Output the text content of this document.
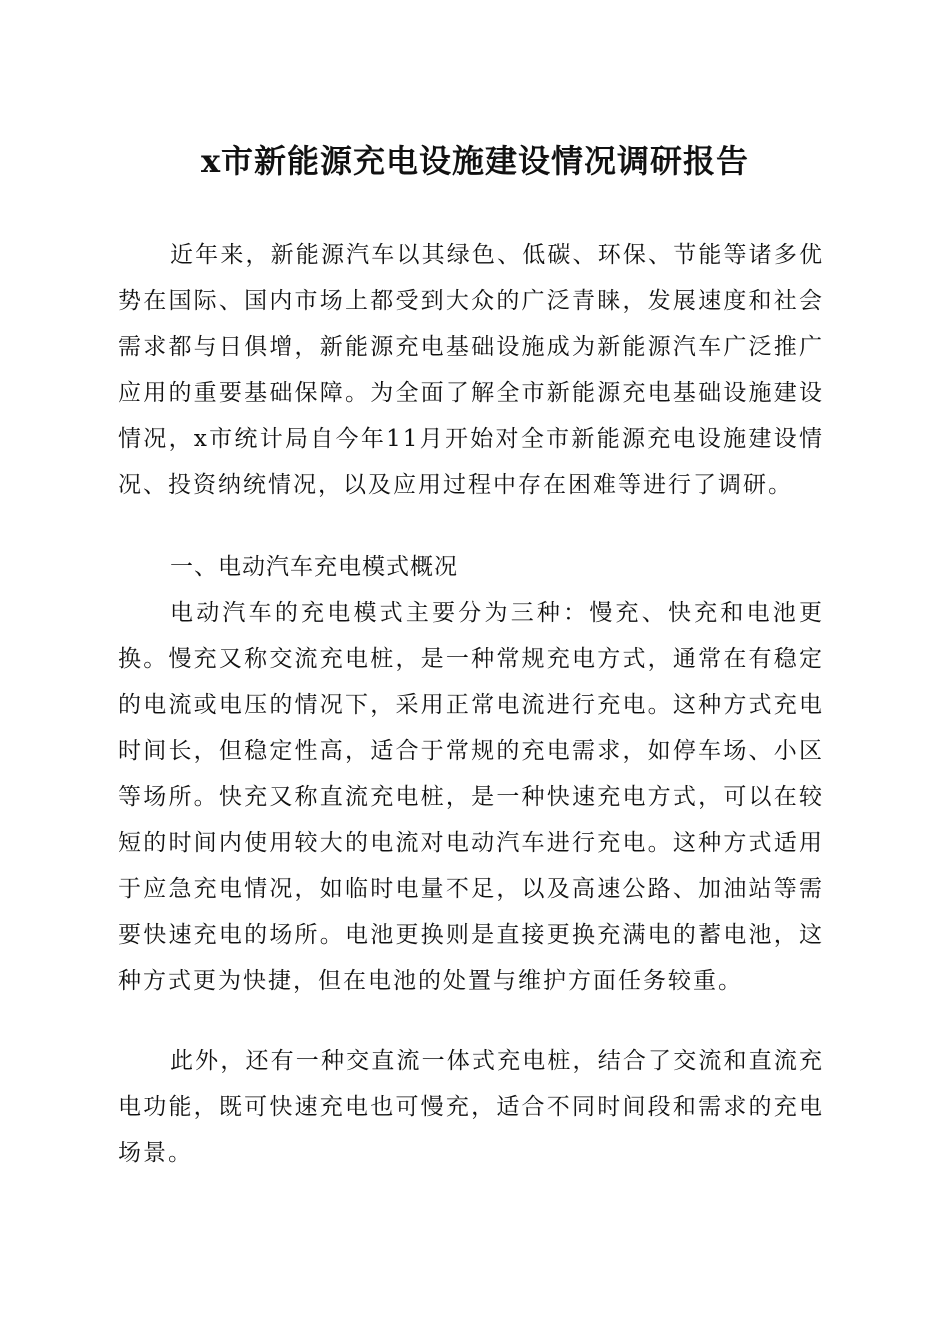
x市新能源充电设施建设情况调研报告

近年来，新能源汽车以其绿色、低碳、环保、节能等诸多优势在国际、国内市场上都受到大众的广泛青睐，发展速度和社会需求都与日俱增，新能源充电基础设施成为新能源汽车广泛推广应用的重要基础保障。为全面了解全市新能源充电基础设施建设情况，x市统计局自今年11月开始对全市新能源充电设施建设情况、投资纳统情况，以及应用过程中存在困难等进行了调研。

一、电动汽车充电模式概况

电动汽车的充电模式主要分为三种：慢充、快充和电池更换。慢充又称交流充电桩，是一种常规充电方式，通常在有稳定的电流或电压的情况下，采用正常电流进行充电。这种方式充电时间长，但稳定性高，适合于常规的充电需求，如停车场、小区等场所。快充又称直流充电桩，是一种快速充电方式，可以在较短的时间内使用较大的电流对电动汽车进行充电。这种方式适用于应急充电情况，如临时电量不足，以及高速公路、加油站等需要快速充电的场所。电池更换则是直接更换充满电的蓄电池，这种方式更为快捷，但在电池的处置与维护方面任务较重。

此外，还有一种交直流一体式充电桩，结合了交流和直流充电功能，既可快速充电也可慢充，适合不同时间段和需求的充电场景。
